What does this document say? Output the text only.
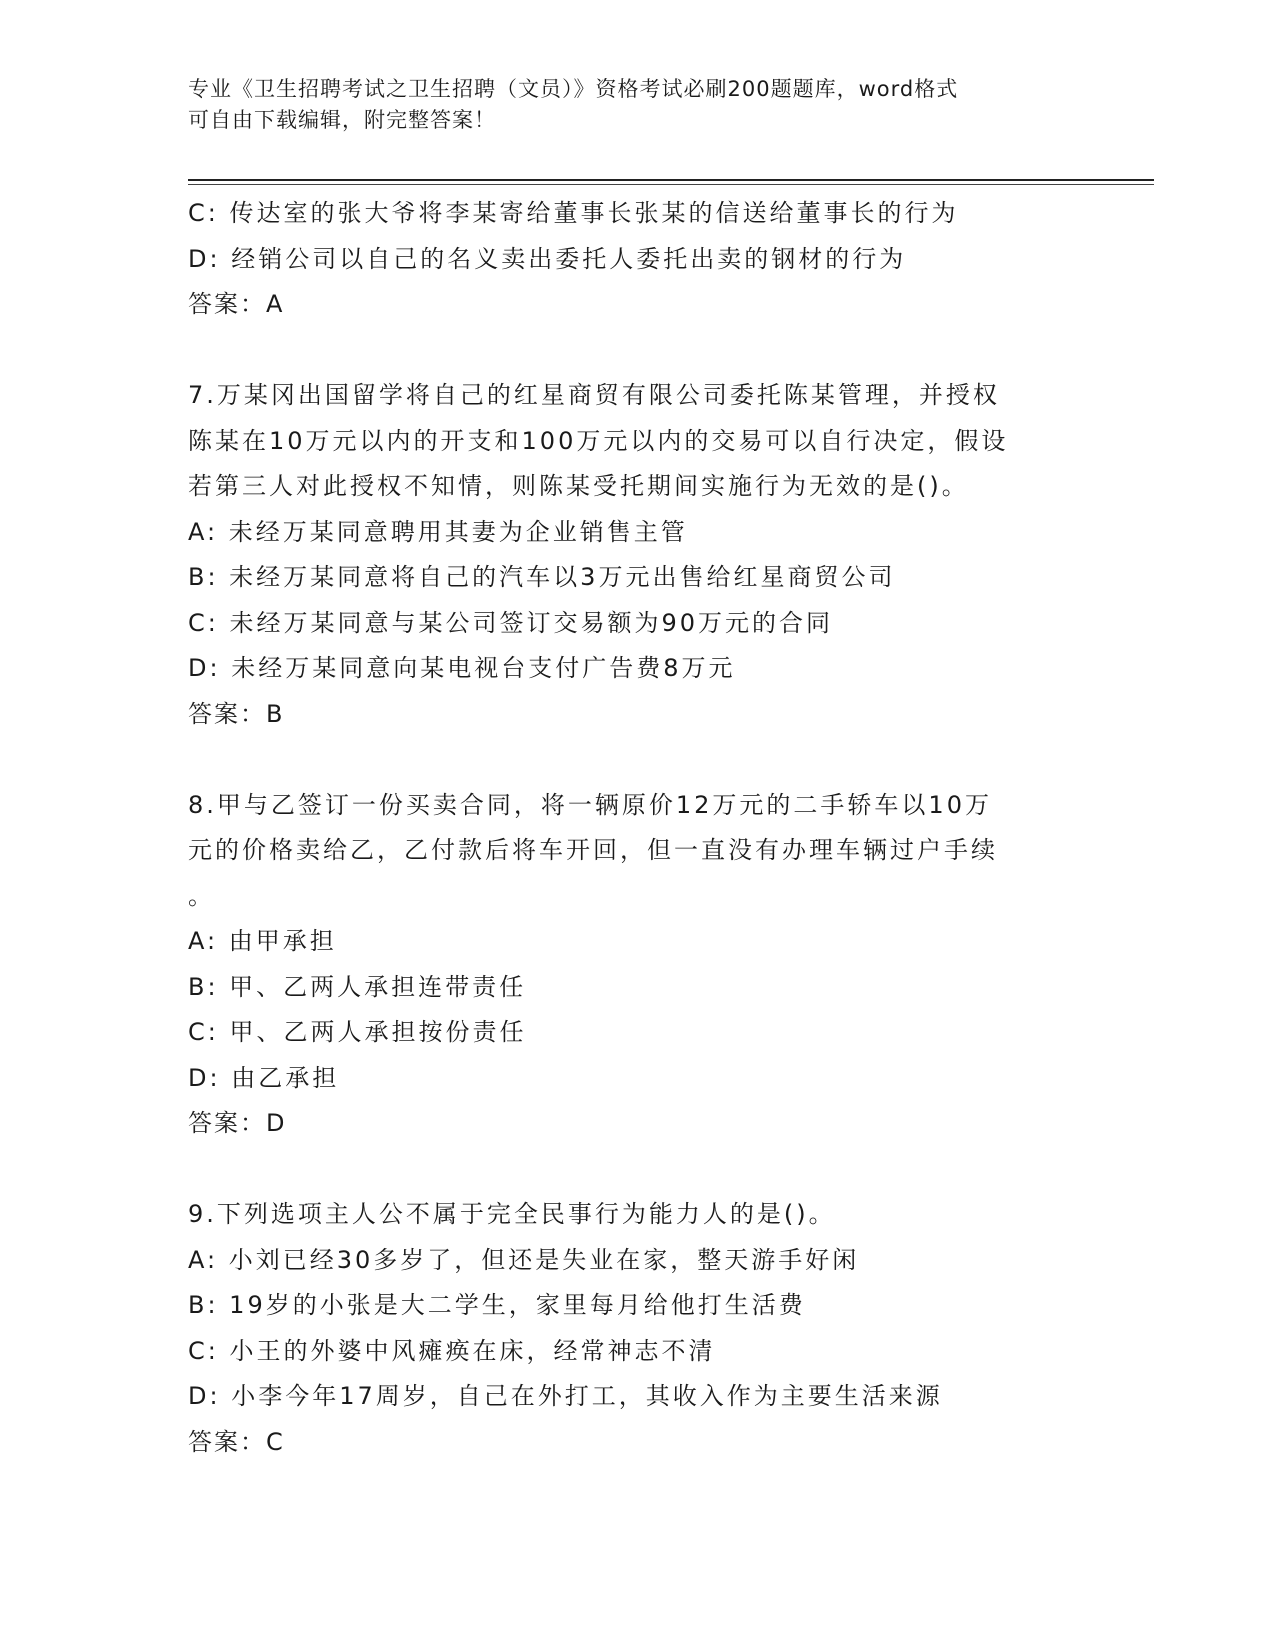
专业《卫生招聘考试之卫生招聘（文员）》资格考试必刷200题题库，word格式
可自由下载编辑，附完整答案！
C: 传达室的张大爷将李某寄给董事长张某的信送给董事长的行为
D: 经销公司以自己的名义卖出委托人委托出卖的钢材的行为
答案：A
7.万某冈出国留学将自己的红星商贸有限公司委托陈某管理，并授权
陈某在10万元以内的开支和100万元以内的交易可以自行决定，假设
若第三人对此授权不知情，则陈某受托期间实施行为无效的是()。
A: 未经万某同意聘用其妻为企业销售主管
B: 未经万某同意将自己的汽车以3万元出售给红星商贸公司
C: 未经万某同意与某公司签订交易额为90万元的合同
D: 未经万某同意向某电视台支付广告费8万元
答案：B
8.甲与乙签订一份买卖合同，将一辆原价12万元的二手轿车以10万
元的价格卖给乙，乙付款后将车开回，但一直没有办理车辆过户手续
。
A: 由甲承担
B: 甲、乙两人承担连带责任
C: 甲、乙两人承担按份责任
D: 由乙承担
答案：D
9.下列选项主人公不属于完全民事行为能力人的是()。
A: 小刘已经30多岁了，但还是失业在家，整天游手好闲
B: 19岁的小张是大二学生，家里每月给他打生活费
C: 小王的外婆中风瘫痪在床，经常神志不清
D: 小李今年17周岁，自己在外打工，其收入作为主要生活来源
答案：C
